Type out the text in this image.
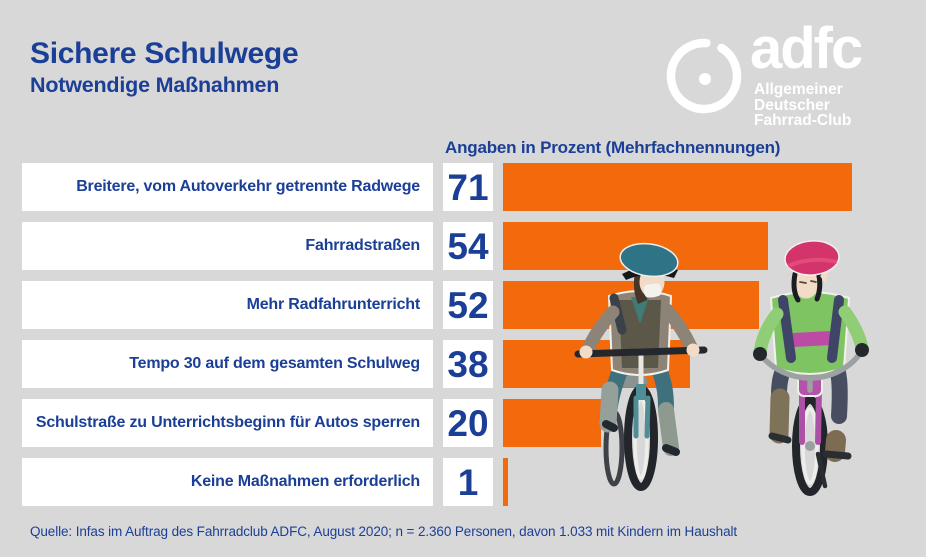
Sichere Schulwege
Notwendige Maßnahmen
adfc
Allgemeiner Deutscher
Fahrrad-Club
Angaben in Prozent (Mehrfachnennungen)
Breitere, vom Autoverkehr getrennte Radwege 71
Fahrradstraßen 54
Mehr Radfahrunterricht 52
Tempo 30 auf dem gesamten Schulweg 38
Schulstraße zu Unterrichtsbeginn für Autos sperren 20
Keine Maßnahmen erforderlich	1
Quelle: Infas im Auftrag des Fahrradclub ADFC, August 2020; n = 2.360 Personen, davon 1.033 mit Kindern im Haushalt
